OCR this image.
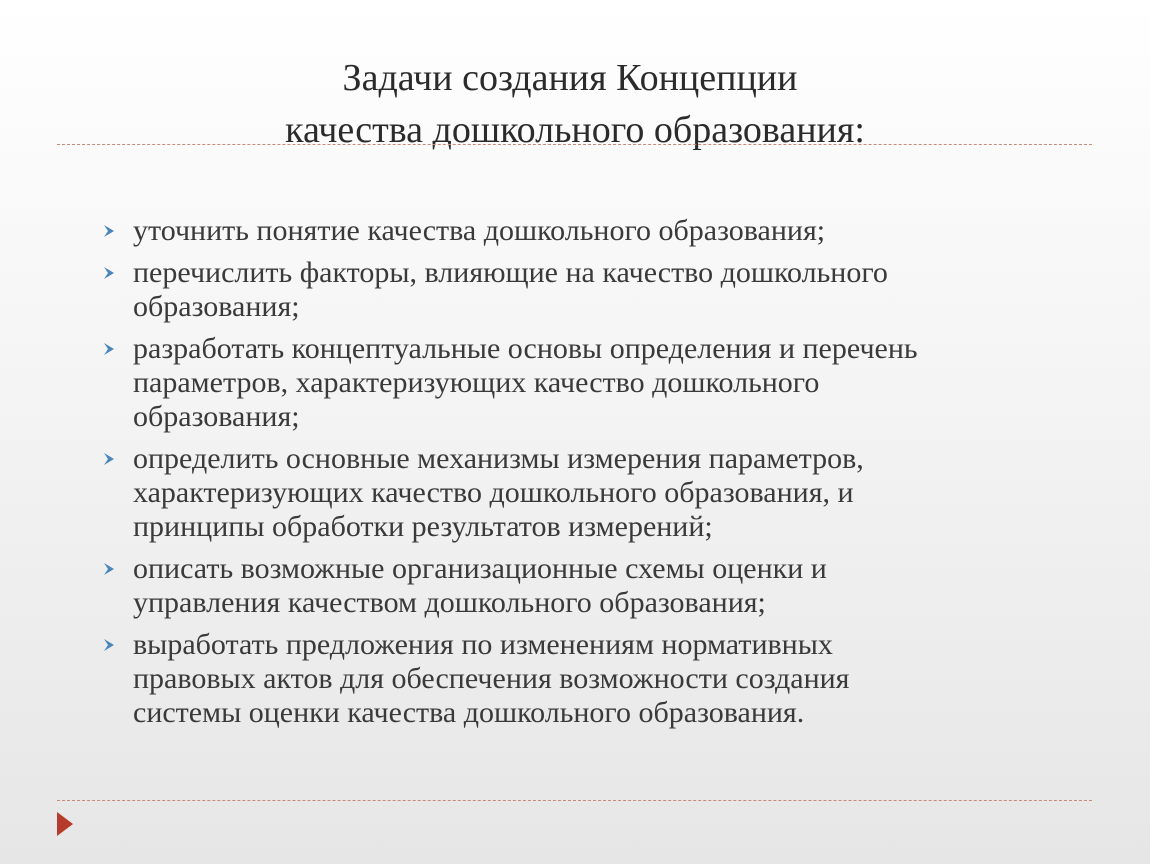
Задачи создания Концепции
качества дошкольного образования:
уточнить понятие качества дошкольного образования;
перечислить факторы, влияющие на качество дошкольного
образования;
разработать концептуальные основы определения и перечень
параметров, характеризующих качество дошкольного
образования;
определить основные механизмы измерения параметров,
характеризующих качество дошкольного образования, и
принципы обработки результатов измерений;
описать возможные организационные схемы оценки и
управления качеством дошкольного образования;
выработать предложения по изменениям нормативных
правовых актов для обеспечения возможности создания
системы оценки качества дошкольного образования.
